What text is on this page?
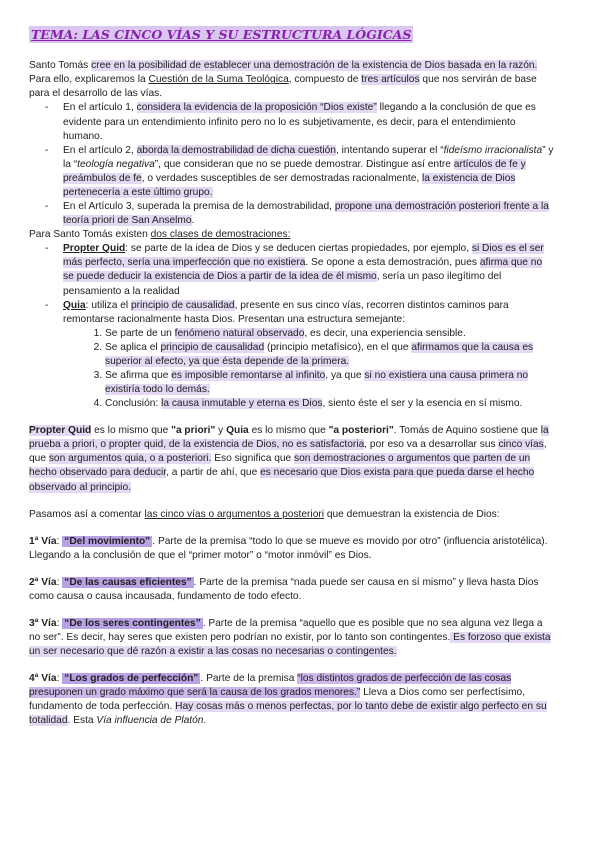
TEMA: LAS CINCO VÍAS Y SU ESTRUCTURA LÓGICAS

Santo Tomás cree en la posibilidad de establecer una demostración de la existencia de Dios basada en la razón. Para ello, explicaremos la Cuestión de la Suma Teológica, compuesto de tres artículos que nos servirán de base para el desarrollo de las vías.

- En el artículo 1, considera la evidencia de la proposición “Dios existe” llegando a la conclusión de que es evidente para un entendimiento infinito pero no lo es subjetivamente, es decir, para el entendimiento humano.
- En el artículo 2, aborda la demostrabilidad de dicha cuestión, intentando superar el “fideísmo irracionalista” y la “teología negativa”, que consideran que no se puede demostrar. Distingue así entre artículos de fe y preámbulos de fe, o verdades susceptibles de ser demostradas racionalmente, la existencia de Dios pertenecería a este último grupo.
- En el Artículo 3, superada la premisa de la demostrabilidad, propone una demostración posteriori frente a la teoría priori de San Anselmo.

Para Santo Tomás existen dos clases de demostraciones:

- Propter Quid: se parte de la idea de Dios y se deducen ciertas propiedades, por ejemplo, si Dios es el ser más perfecto, sería una imperfección que no existiera. Se opone a esta demostración, pues afirma que no se puede deducir la existencia de Dios a partir de la idea de él mismo, sería un paso ilegítimo del pensamiento a la realidad
- Quia: utiliza el principio de causalidad, presente en sus cinco vías, recorren distintos caminos para remontarse racionalmente hasta Dios. Presentan una estructura semejante:
1. Se parte de un fenómeno natural observado, es decir, una experiencia sensible.
2. Se aplica el principio de causalidad (principio metafísico), en el que afirmamos que la causa es superior al efecto, ya que ésta depende de la primera.
3. Se afirma que es imposible remontarse al infinito, ya que si no existiera una causa primera no existiría todo lo demás.
4. Conclusión: la causa inmutable y eterna es Dios, siento éste el ser y la esencia en sí mismo.

Propter Quid es lo mismo que "a priori" y Quia es lo mismo que "a posteriori". Tomás de Aquino sostiene que la prueba a priori, o propter quid, de la existencia de Dios, no es satisfactoria, por eso va a desarrollar sus cinco vías, que son argumentos quia, o a posteriori. Eso significa que son demostraciones o argumentos que parten de un hecho observado para deducir, a partir de ahí, que es necesario que Dios exista para que pueda darse el hecho observado al principio.

Pasamos así a comentar las cinco vías o argumentos a posteriori que demuestran la existencia de Dios:

1ª Vía: “Del movimiento” . Parte de la premisa “todo lo que se mueve es movido por otro” (influencia aristotélica). Llegando a la conclusión de que el “primer motor” o “motor inmóvil” es Dios.

2ª Vía: “De las causas eficientes” . Parte de la premisa “nada puede ser causa en sí mismo” y lleva hasta Dios como causa o causa incausada, fundamento de todo efecto.

3ª Vía: “De los seres contingentes” . Parte de la premisa “aquello que es posible que no sea alguna vez llega a no ser”. Es decir, hay seres que existen pero podrían no existir, por lo tanto son contingentes. Es forzoso que exista un ser necesario que dé razón a existir a las cosas no necesarias o contingentes.

4ª Vía: “Los grados de perfección” . Parte de la premisa “los distintos grados de perfección de las cosas presuponen un grado máximo que será la causa de los grados menores.” Lleva a Dios como ser perfectísimo, fundamento de toda perfección. Hay cosas más o menos perfectas, por lo tanto debe de existir algo perfecto en su totalidad. Esta Vía influencia de Platón.
